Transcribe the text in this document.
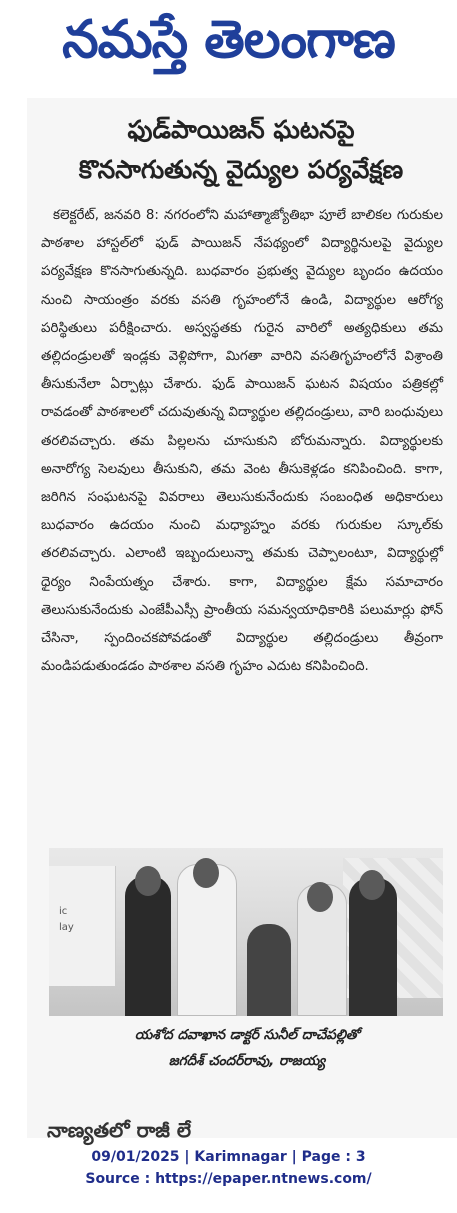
నమస్తే తెలంగాణ
ఫుడ్‌పాయిజన్ ఘటనపై
కొనసాగుతున్న వైద్యుల పర్యవేక్షణ
కలెక్టరేట్, జనవరి 8: నగరంలోని మహాత్మాజ్యోతిభా పూలే బాలికల గురుకుల పాఠశాల హాస్టల్‌లో ఫుడ్ పాయిజన్ నేపథ్యంలో విద్యార్థినులపై వైద్యుల పర్యవేక్షణ కొనసాగుతున్నది. బుధవారం ప్రభుత్వ వైద్యుల బృందం ఉదయం నుంచి సాయంత్రం వరకు వసతి గృహంలోనే ఉండి, విద్యార్థుల ఆరోగ్య పరిస్థితులు పరీక్షించారు. అస్వస్థతకు గురైన వారిలో అత్యధికులు తమ తల్లిదండ్రులతో ఇండ్లకు వెళ్లిపోగా, మిగతా వారిని వసతిగృహంలోనే విశ్రాంతి తీసుకునేలా ఏర్పాట్లు చేశారు. ఫుడ్ పాయిజన్ ఘటన విషయం పత్రికల్లో రావడంతో పాఠశాలలో చదువుతున్న విద్యార్థుల తల్లిదండ్రులు, వారి బంధువులు తరలివచ్చారు. తమ పిల్లలను చూసుకుని బోరుమన్నారు. విద్యార్థులకు అనారోగ్య సెలవులు తీసుకుని, తమ వెంట తీసుకెళ్లడం కనిపించింది. కాగా, జరిగిన సంఘటనపై వివరాలు తెలుసుకునేందుకు సంబంధిత అధికారులు బుధవారం ఉదయం నుంచి మధ్యాహ్నం వరకు గురుకుల స్కూల్‌కు తరలివచ్చారు. ఎలాంటి ఇబ్బందులున్నా తమకు చెప్పాలంటూ, విద్యార్థుల్లో ధైర్యం నింపేయత్నం చేశారు. కాగా, విద్యార్థుల క్షేమ సమాచారం తెలుసుకునేందుకు ఎంజేపీఎస్సీ ప్రాంతీయ సమన్వయాధికారికి పలుమార్లు ఫోన్ చేసినా, స్పందించకపోవడంతో విద్యార్థుల తల్లిదండ్రులు తీవ్రంగా మండిపడుతుండడం పాఠశాల వసతి గృహం ఎదుట కనిపించింది.
ic
lay
యశోద దవాఖాన డాక్టర్ సునీల్ దాచేపల్లితో
జగదీశ్ చందర్‌రావు, రాజయ్య
నాణ్యతలో రాజీ లే
09/01/2025 | Karimnagar | Page : 3
Source : https://epaper.ntnews.com/
